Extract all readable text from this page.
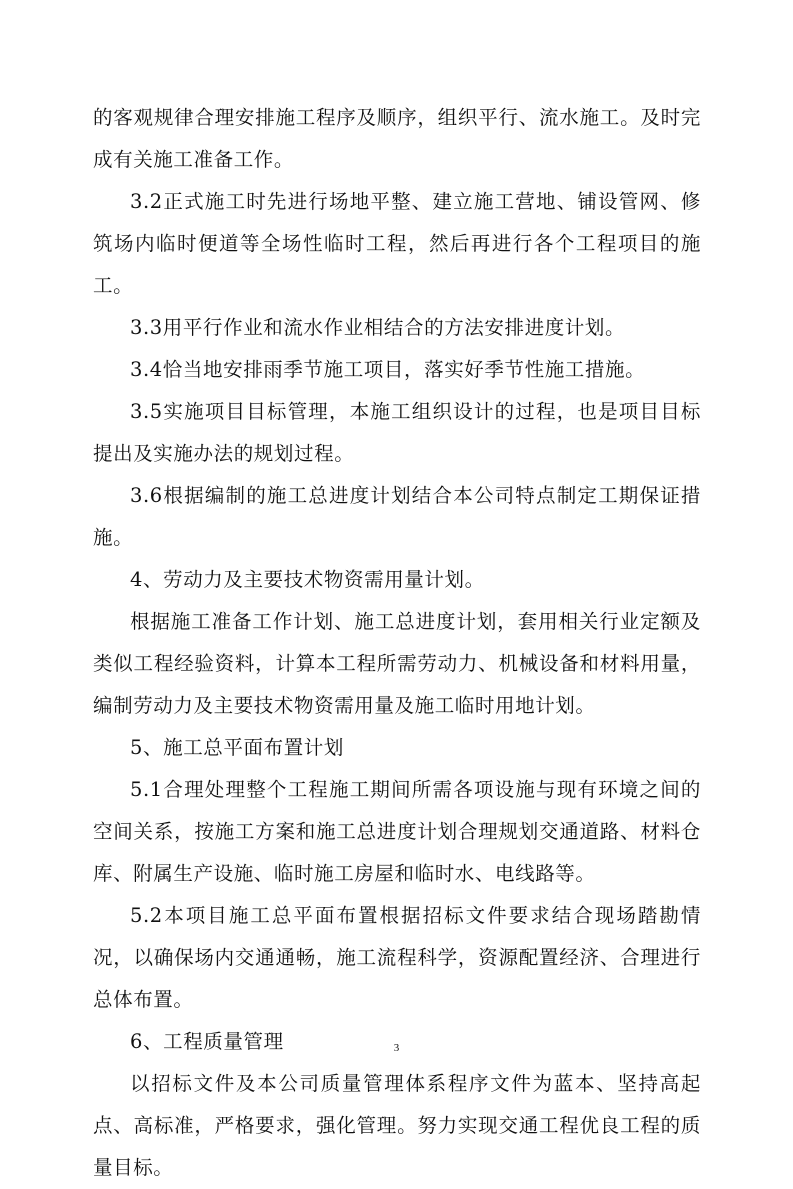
的客观规律合理安排施工程序及顺序，组织平行、流水施工。及时完成有关施工准备工作。

3.2正式施工时先进行场地平整、建立施工营地、铺设管网、修筑场内临时便道等全场性临时工程，然后再进行各个工程项目的施工。

3.3用平行作业和流水作业相结合的方法安排进度计划。

3.4恰当地安排雨季节施工项目，落实好季节性施工措施。

3.5实施项目目标管理，本施工组织设计的过程，也是项目目标提出及实施办法的规划过程。

3.6根据编制的施工总进度计划结合本公司特点制定工期保证措施。

4、劳动力及主要技术物资需用量计划。

根据施工准备工作计划、施工总进度计划，套用相关行业定额及类似工程经验资料，计算本工程所需劳动力、机械设备和材料用量，编制劳动力及主要技术物资需用量及施工临时用地计划。

5、施工总平面布置计划

5.1合理处理整个工程施工期间所需各项设施与现有环境之间的空间关系，按施工方案和施工总进度计划合理规划交通道路、材料仓库、附属生产设施、临时施工房屋和临时水、电线路等。

5.2本项目施工总平面布置根据招标文件要求结合现场踏勘情况，以确保场内交通通畅，施工流程科学，资源配置经济、合理进行总体布置。

6、工程质量管理

以招标文件及本公司质量管理体系程序文件为蓝本、坚持高起点、高标准，严格要求，强化管理。努力实现交通工程优良工程的质量目标。

3
